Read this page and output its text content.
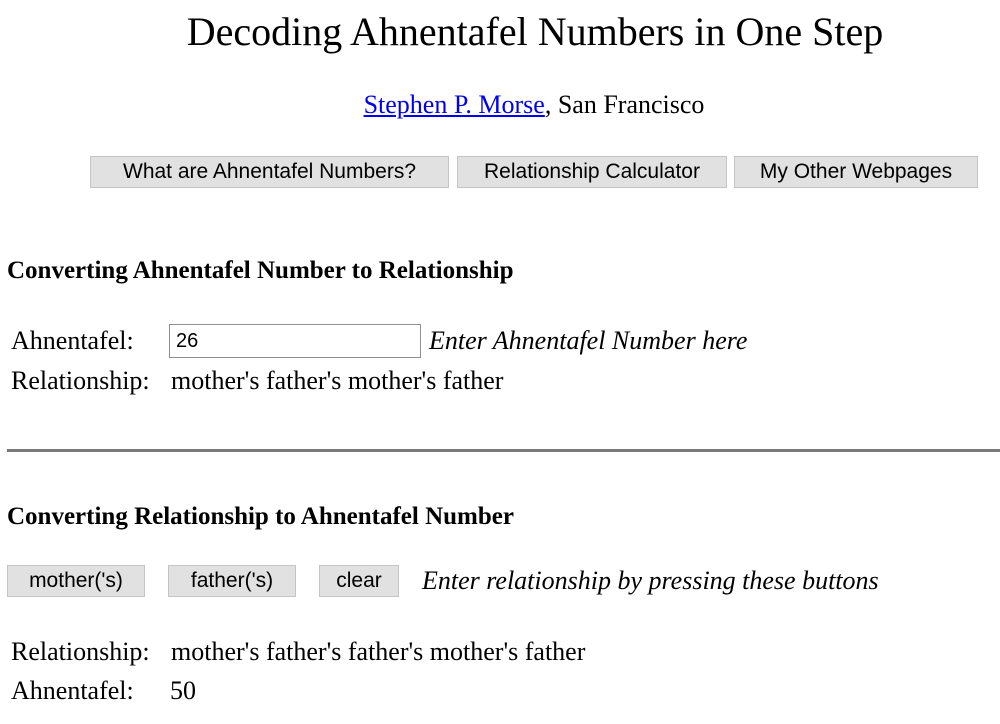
Decoding Ahnentafel Numbers in One Step
Stephen P. Morse, San Francisco
What are Ahnentafel Numbers?	Relationship Calculator	My Other Webpages
Converting Ahnentafel Number to Relationship
Ahnentafel:
26	Enter Ahnentafel Number here
Relationship: mother's father's mother's father
Converting Relationship to Ahnentafel Number
mother('s)	father('s)	clear	Enter relationship by pressing these buttons
Relationship: mother's father's father's mother's father
Ahnentafel: 50
